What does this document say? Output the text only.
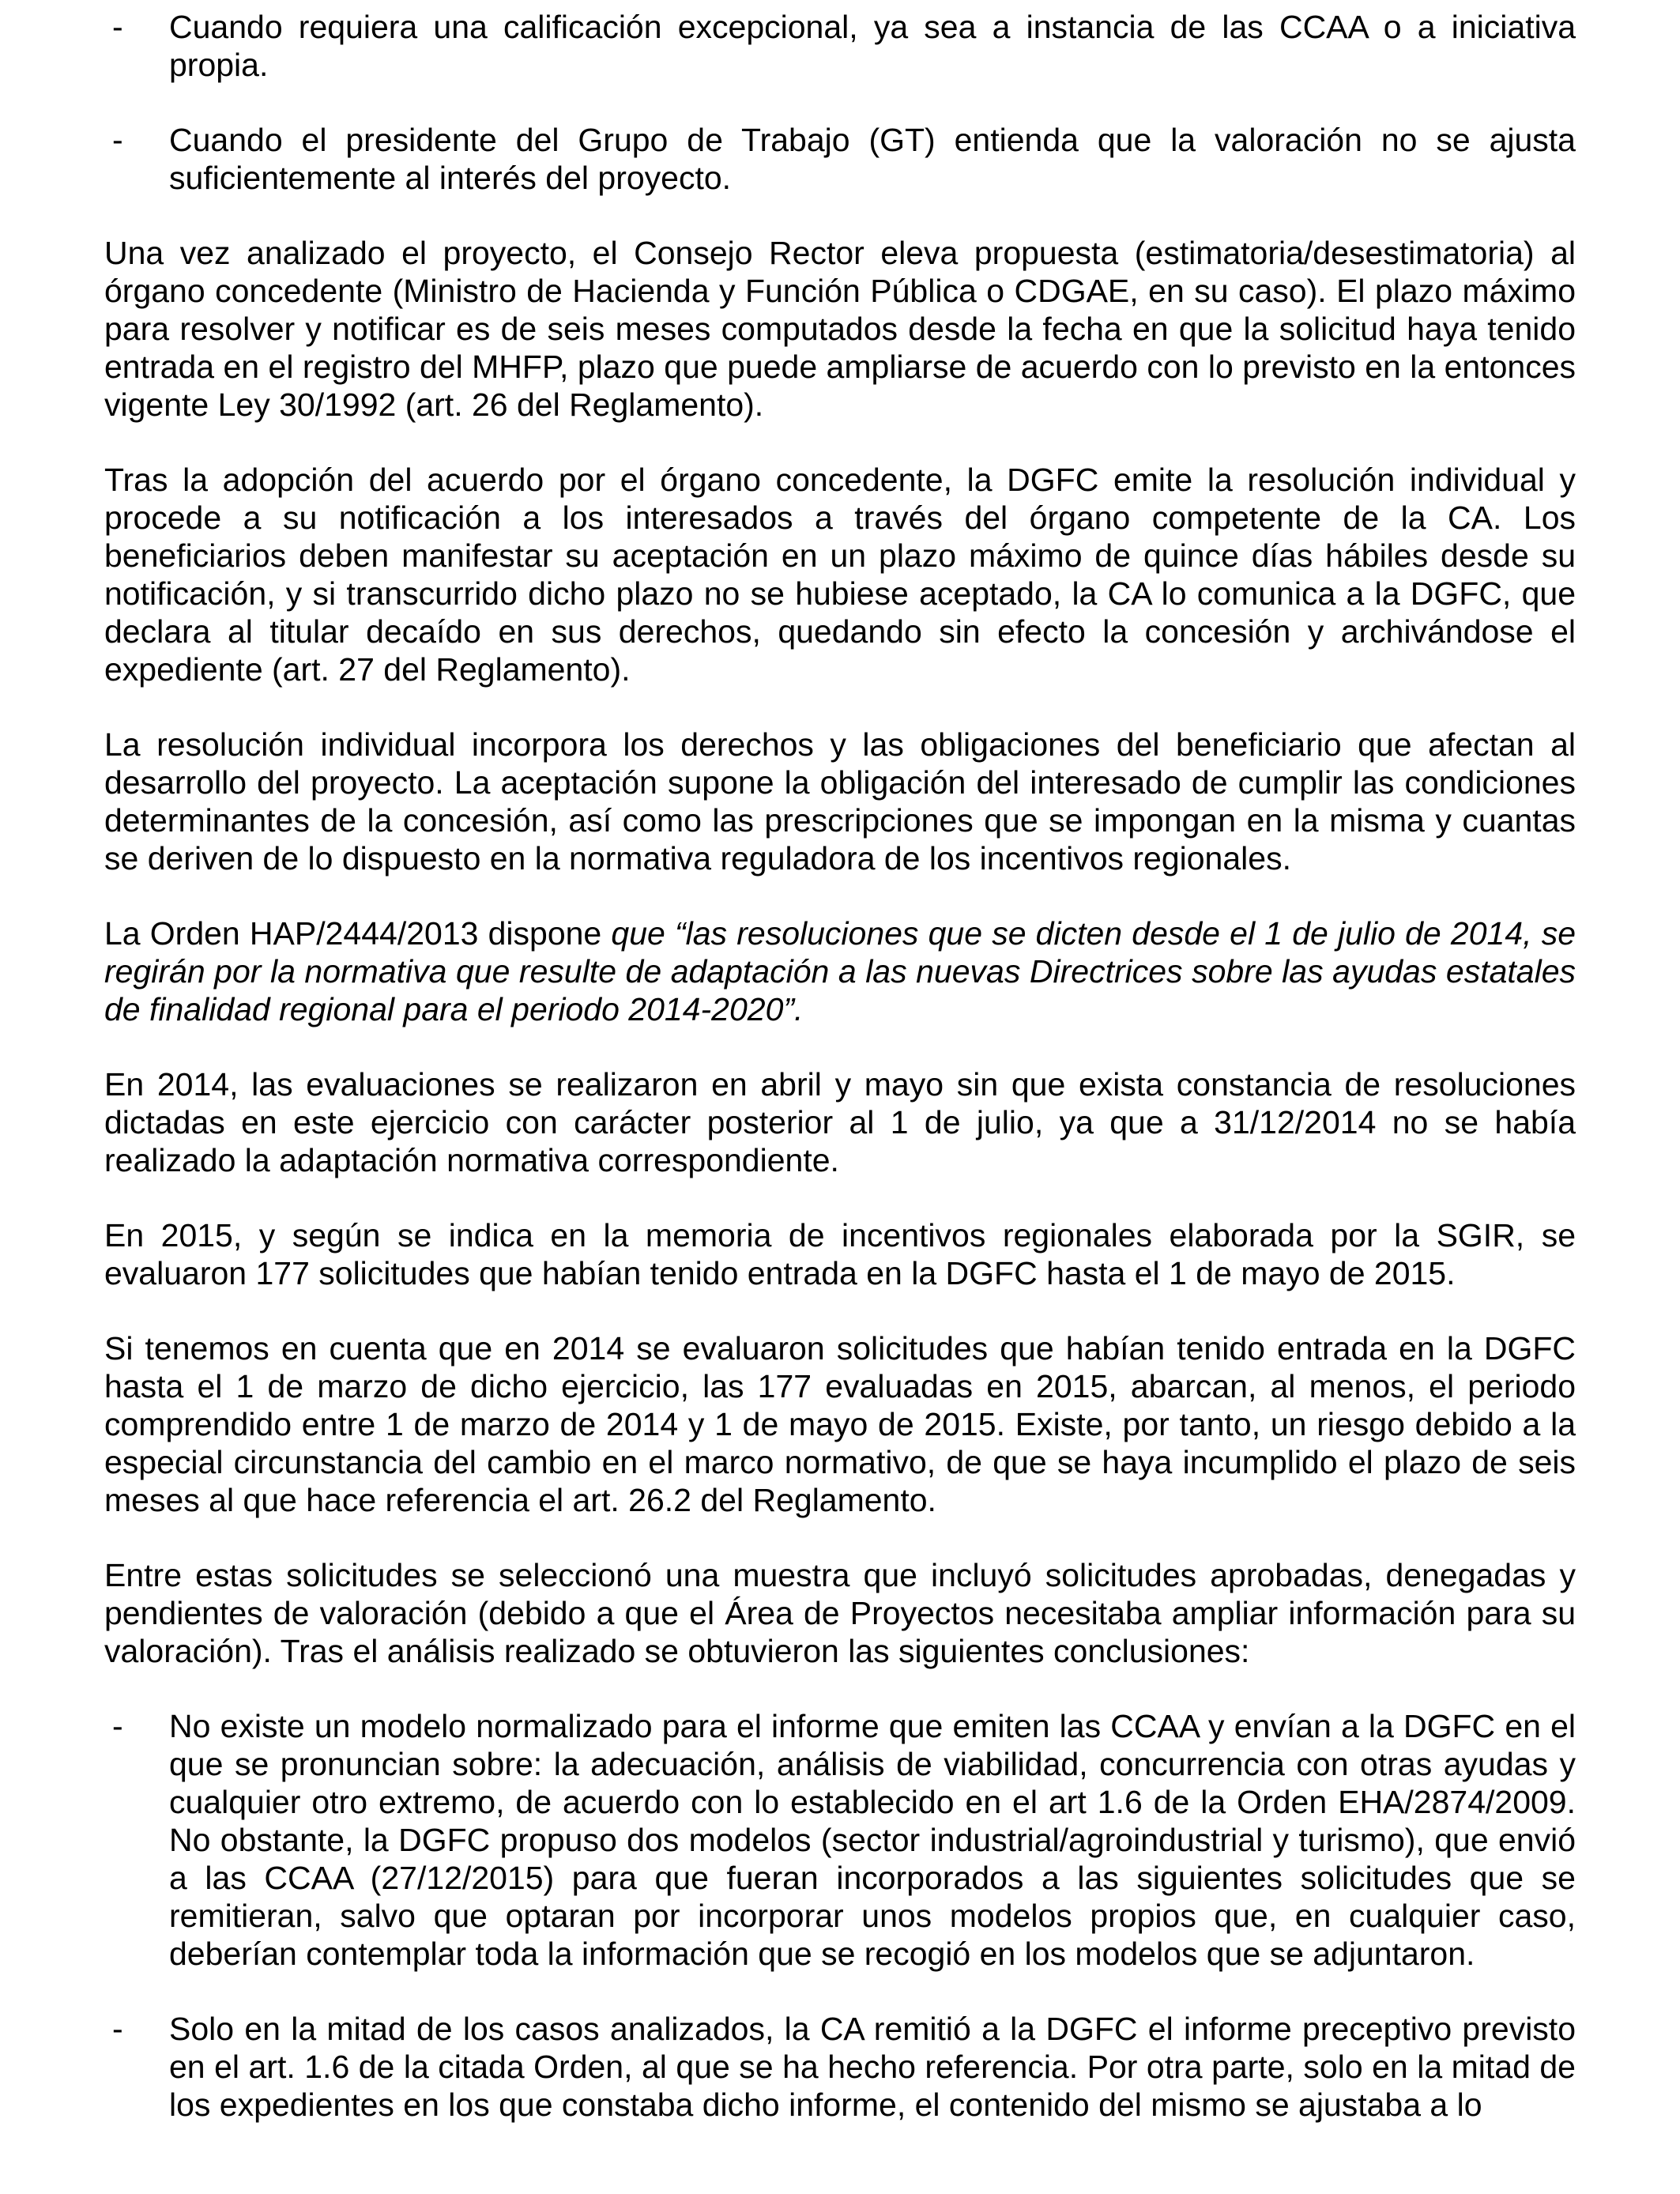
- Cuando requiera una calificación excepcional, ya sea a instancia de las CCAA o a iniciativa propia.
- Cuando el presidente del Grupo de Trabajo (GT) entienda que la valoración no se ajusta suficientemente al interés del proyecto.

Una vez analizado el proyecto, el Consejo Rector eleva propuesta (estimatoria/desestimatoria) al órgano concedente (Ministro de Hacienda y Función Pública o CDGAE, en su caso). El plazo máximo para resolver y notificar es de seis meses computados desde la fecha en que la solicitud haya tenido entrada en el registro del MHFP, plazo que puede ampliarse de acuerdo con lo previsto en la entonces vigente Ley 30/1992 (art. 26 del Reglamento).

Tras la adopción del acuerdo por el órgano concedente, la DGFC emite la resolución individual y procede a su notificación a los interesados a través del órgano competente de la CA. Los beneficiarios deben manifestar su aceptación en un plazo máximo de quince días hábiles desde su notificación, y si transcurrido dicho plazo no se hubiese aceptado, la CA lo comunica a la DGFC, que declara al titular decaído en sus derechos, quedando sin efecto la concesión y archivándose el expediente (art. 27 del Reglamento).

La resolución individual incorpora los derechos y las obligaciones del beneficiario que afectan al desarrollo del proyecto. La aceptación supone la obligación del interesado de cumplir las condiciones determinantes de la concesión, así como las prescripciones que se impongan en la misma y cuantas se deriven de lo dispuesto en la normativa reguladora de los incentivos regionales.

La Orden HAP/2444/2013 dispone que “las resoluciones que se dicten desde el 1 de julio de 2014, se regirán por la normativa que resulte de adaptación a las nuevas Directrices sobre las ayudas estatales de finalidad regional para el periodo 2014-2020”.

En 2014, las evaluaciones se realizaron en abril y mayo sin que exista constancia de resoluciones dictadas en este ejercicio con carácter posterior al 1 de julio, ya que a 31/12/2014 no se había realizado la adaptación normativa correspondiente.

En 2015, y según se indica en la memoria de incentivos regionales elaborada por la SGIR, se evaluaron 177 solicitudes que habían tenido entrada en la DGFC hasta el 1 de mayo de 2015.

Si tenemos en cuenta que en 2014 se evaluaron solicitudes que habían tenido entrada en la DGFC hasta el 1 de marzo de dicho ejercicio, las 177 evaluadas en 2015, abarcan, al menos, el periodo comprendido entre 1 de marzo de 2014 y 1 de mayo de 2015. Existe, por tanto, un riesgo debido a la especial circunstancia del cambio en el marco normativo, de que se haya incumplido el plazo de seis meses al que hace referencia el art. 26.2 del Reglamento.

Entre estas solicitudes se seleccionó una muestra que incluyó solicitudes aprobadas, denegadas y pendientes de valoración (debido a que el Área de Proyectos necesitaba ampliar información para su valoración). Tras el análisis realizado se obtuvieron las siguientes conclusiones:

- No existe un modelo normalizado para el informe que emiten las CCAA y envían a la DGFC en el que se pronuncian sobre: la adecuación, análisis de viabilidad, concurrencia con otras ayudas y cualquier otro extremo, de acuerdo con lo establecido en el art 1.6 de la Orden EHA/2874/2009. No obstante, la DGFC propuso dos modelos (sector industrial/agroindustrial y turismo), que envió a las CCAA (27/12/2015) para que fueran incorporados a las siguientes solicitudes que se remitieran, salvo que optaran por incorporar unos modelos propios que, en cualquier caso, deberían contemplar toda la información que se recogió en los modelos que se adjuntaron.
- Solo en la mitad de los casos analizados, la CA remitió a la DGFC el informe preceptivo previsto en el art. 1.6 de la citada Orden, al que se ha hecho referencia. Por otra parte, solo en la mitad de los expedientes en los que constaba dicho informe, el contenido del mismo se ajustaba a lo
